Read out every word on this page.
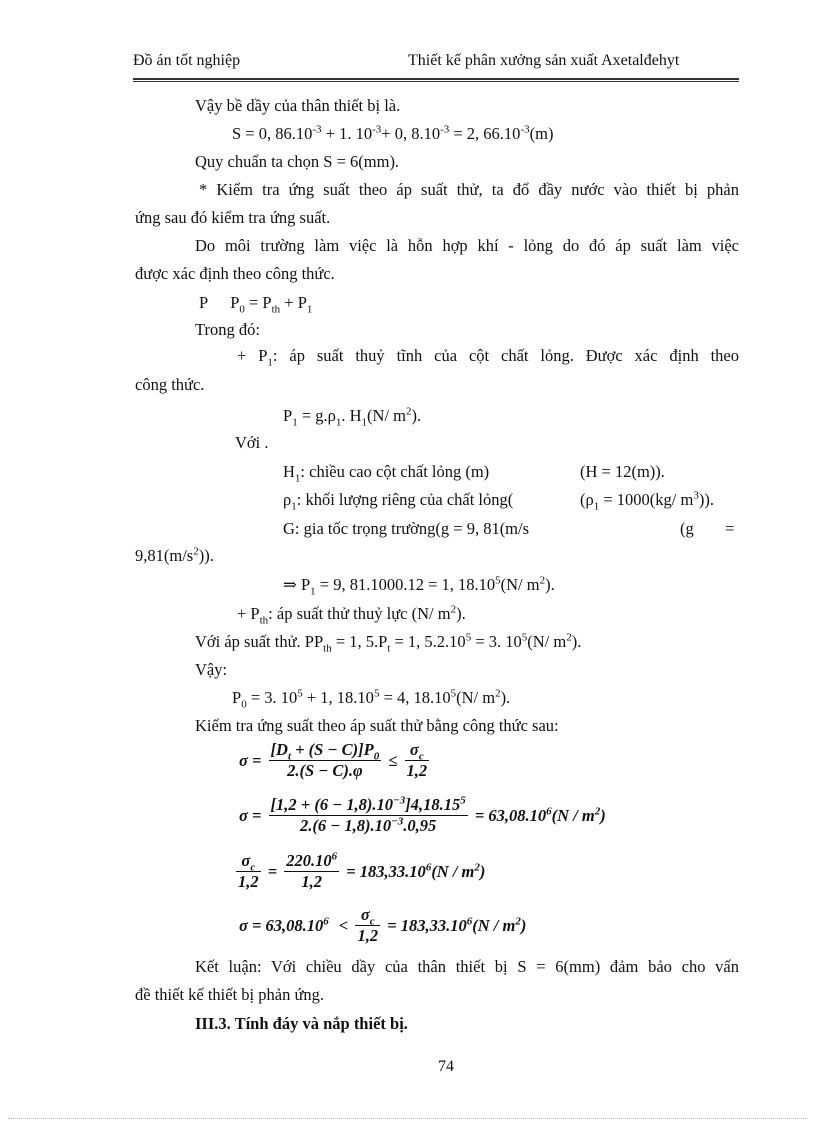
Đồ án tốt nghiệp	Thiết kế phân xưởng sản xuất Axetalđehyt
Vậy bề dầy của thân thiết bị là.
S = 0, $86.10^{-3} + 1$. $10^{-3}+ 0$, $8.10^{-3} = 2$, $66.10^{-3}(m)$
Quy chuẩn ta chọn S = 6(mm).
* Kiểm tra ứng suất theo áp suất thử, ta đổ đầy nước vào thiết bị phản
ứng sau đó kiểm tra ứng suất.
Do môi trường làm việc là hỗn hợp khí - lỏng do đó áp suất làm việc
được xác định theo công thức.
P $P_0 = P_{th} + P_1$
Trong đó:
+ $P_1$: áp suất thuỷ tĩnh của cột chất lỏng. Được xác định theo
công thức.
$P_1 = g.\rho_1$. $H_1(N/$ $m^2$).
Với .
$H_1$: chiều cao cột chất lỏng (m)	(H = 12(m)).
$\rho_1$: khối lượng riêng của chất lỏng(	($\rho_1 = 1000(kg/$ $m^3$)).
G: gia tốc trọng trường(g = 9, 81(m/s	(g =
$9,81(m/s^2)$).
⇒ $P_1 = 9$, 81.1000.12 = 1, 18.10$^5$(N/ $m^2$).
+ $P_{th}$: áp suất thử thuỷ lực (N/ $m^2$).
Với áp suất thử. $PP_{th} = 1$, $5.P_t = 1$, $5.2.10^5 = 3$. $10^5(N/$ $m^2$).
Vậy:
$P_0 = 3$. $10^5 + 1$, $18.10^5 = 4$, 18.10$^5$(N/ $m^2$).
Kiểm tra ứng suất theo áp suất thử bằng công thức sau:
$\sigma = \frac{[D_t + (S - C)]P_0}{2.(S - C).\varphi} \le \frac{\sigma_c}{1,2}$
$\sigma = \frac{[1,2 + (6 - 1,8).10^{-3}]4,18.15^5}{2.(6 - 1,8).10^{-3}.0,95} = 63,08.10^6(N / m^2)$
$\frac{\sigma_c}{1,2} = \frac{220.10^6}{1,2} = 183,33.10^6(N / m^2)$
$\sigma = 63,08.10^6 < \frac{\sigma_c}{1,2} = 183,33.10^6(N / m^2)$
Kết luận: Với chiều dầy của thân thiết bị S = 6(mm) đảm bảo cho vấn
đề thiết kế thiết bị phản ứng.
III.3. Tính đáy và nắp thiết bị.
74
